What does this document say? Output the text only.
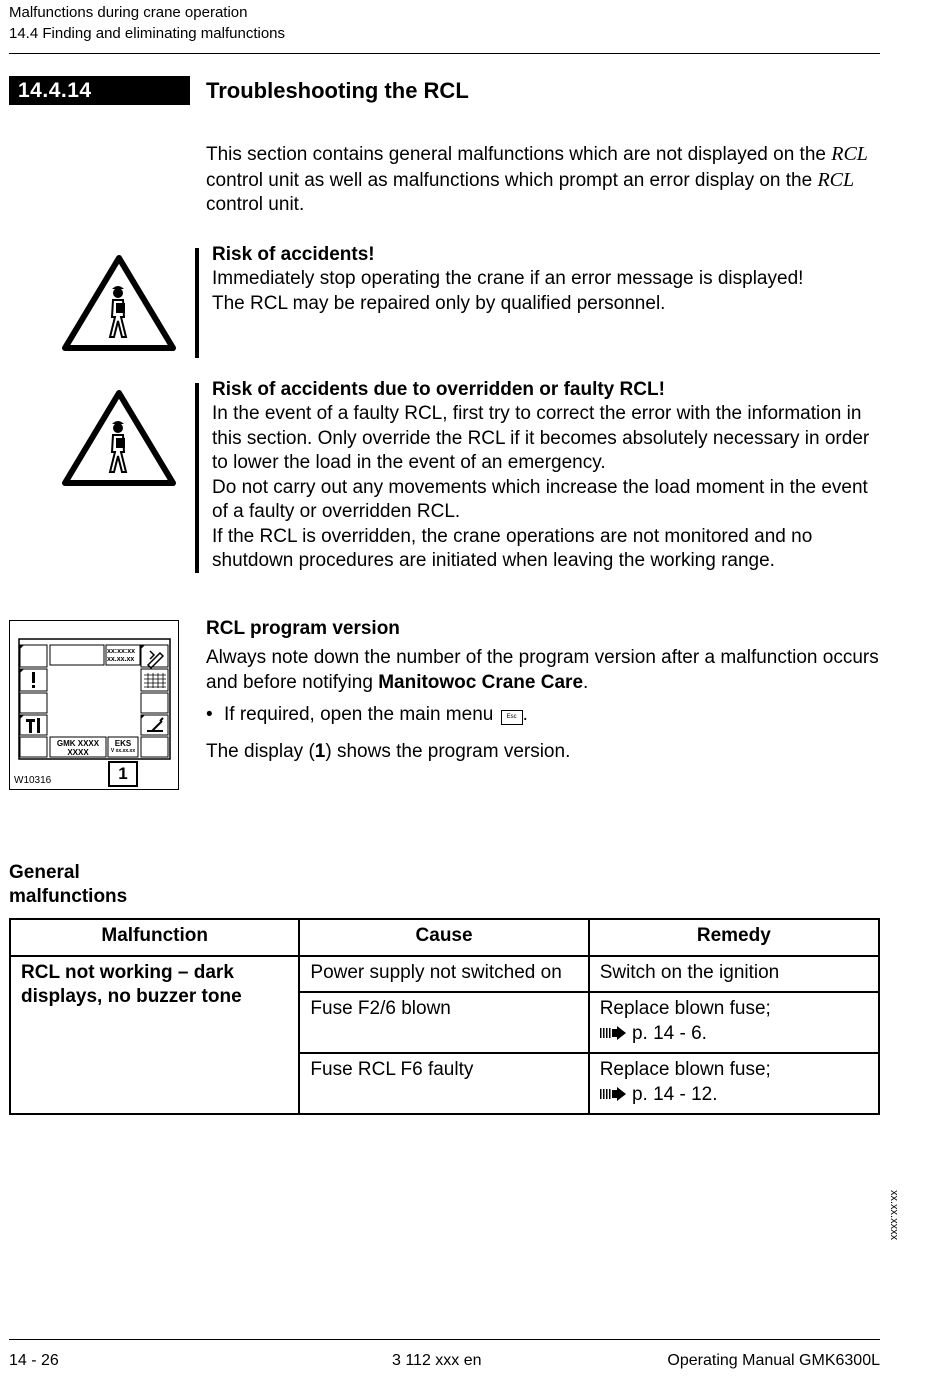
Malfunctions during crane operation
14.4 Finding and eliminating malfunctions
14.4.14	Troubleshooting the RCL
This section contains general malfunctions which are not displayed on the RCL control unit as well as malfunctions which prompt an error display on the RCL control unit.
Risk of accidents!
Immediately stop operating the crane if an error message is displayed!
The RCL may be repaired only by qualified personnel.
Risk of accidents due to overridden or faulty RCL!
In the event of a faulty RCL, first try to correct the error with the information in this section. Only override the RCL if it becomes absolutely necessary in order to lower the load in the event of an emergency.
Do not carry out any movements which increase the load moment in the event of a faulty or overridden RCL.
If the RCL is overridden, the crane operations are not monitored and no shutdown procedures are initiated when leaving the working range.
xx:xx:xx
xx.xx.xx
GMK XXXX
XXXX
EKS
V xx.xx.xx
1
W10316
RCL program version
Always note down the number of the program version after a malfunction occurs and before notifying Manitowoc Crane Care.
• If required, open the main menu Esc .
The display (1) shows the program version.
General
malfunctions
Malfunction	Cause	Remedy
RCL not working – dark displays, no buzzer tone	Power supply not switched on	Switch on the ignition
	Fuse F2/6 blown	Replace blown fuse;
p. 14 - 6.

	Fuse RCL F6 faulty	Replace blown fuse;
p. 14 - 12.
xx.xx.xxxx
14 - 26	3 112 xxx en	Operating Manual GMK6300L
